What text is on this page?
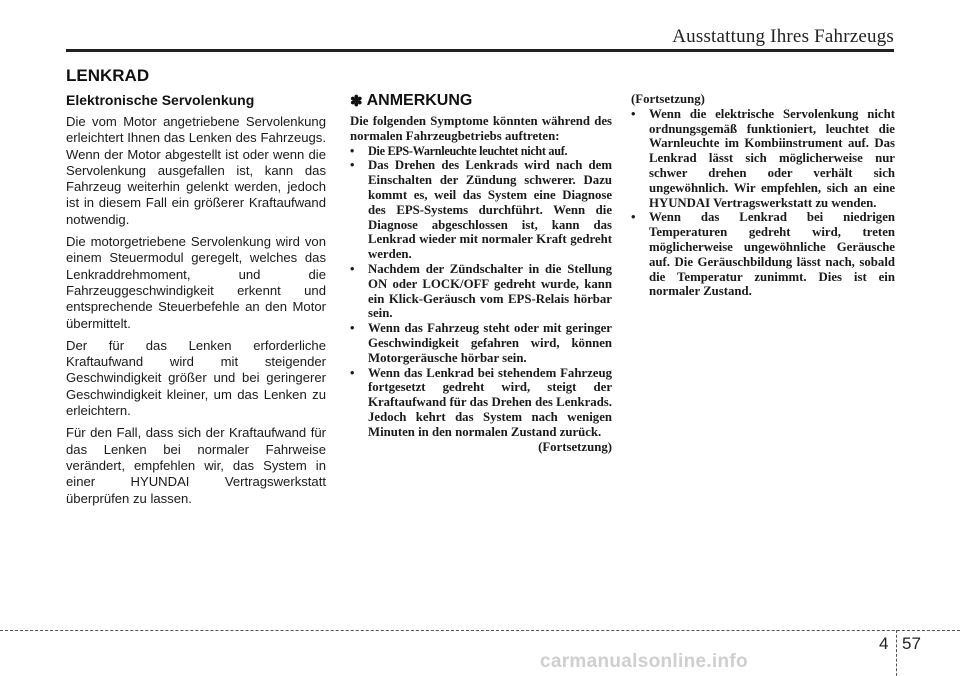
Ausstattung Ihres Fahrzeugs
LENKRAD
Elektronische Servolenkung

Die vom Motor angetriebene Servolenkung erleichtert Ihnen das Lenken des Fahrzeugs. Wenn der Motor abgestellt ist oder wenn die Servolenkung ausgefallen ist, kann das Fahrzeug weiterhin gelenkt werden, jedoch ist in diesem Fall ein größerer Kraftaufwand notwendig.

Die motorgetriebene Servolenkung wird von einem Steuermodul geregelt, welches das Lenkraddrehmoment, und die Fahrzeuggeschwindigkeit erkennt und entsprechende Steuerbefehle an den Motor übermittelt.

Der für das Lenken erforderliche Kraftaufwand wird mit steigender Geschwindigkeit größer und bei geringerer Geschwindigkeit kleiner, um das Lenken zu erleichtern.

Für den Fall, dass sich der Kraftaufwand für das Lenken bei normaler Fahrweise verändert, empfehlen wir, das System in einer HYUNDAI Vertragswerkstatt überprüfen zu lassen.

✽ ANMERKUNG
Die folgenden Symptome könnten während des normalen Fahrzeugbetriebs auftreten:
• Die EPS-Warnleuchte leuchtet nicht auf.
• Das Drehen des Lenkrads wird nach dem Einschalten der Zündung schwerer. Dazu kommt es, weil das System eine Diagnose des EPS-Systems durchführt. Wenn die Diagnose abgeschlossen ist, kann das Lenkrad wieder mit normaler Kraft gedreht werden.
• Nachdem der Zündschalter in die Stellung ON oder LOCK/OFF gedreht wurde, kann ein Klick-Geräusch vom EPS-Relais hörbar sein.
• Wenn das Fahrzeug steht oder mit geringer Geschwindigkeit gefahren wird, können Motorgeräusche hörbar sein.
• Wenn das Lenkrad bei stehendem Fahrzeug fortgesetzt gedreht wird, steigt der Kraftaufwand für das Drehen des Lenkrads. Jedoch kehrt das System nach wenigen Minuten in den normalen Zustand zurück.
(Fortsetzung)
(Fortsetzung)
• Wenn die elektrische Servolenkung nicht ordnungsgemäß funktioniert, leuchtet die Warnleuchte im Kombiinstrument auf. Das Lenkrad lässt sich möglicherweise nur schwer drehen oder verhält sich ungewöhnlich. Wir empfehlen, sich an eine HYUNDAI Vertragswerkstatt zu wenden.
• Wenn das Lenkrad bei niedrigen Temperaturen gedreht wird, treten möglicherweise ungewöhnliche Geräusche auf. Die Geräuschbildung lässt nach, sobald die Temperatur zunimmt. Dies ist ein normaler Zustand.
4 57
carmanualsonline.info
